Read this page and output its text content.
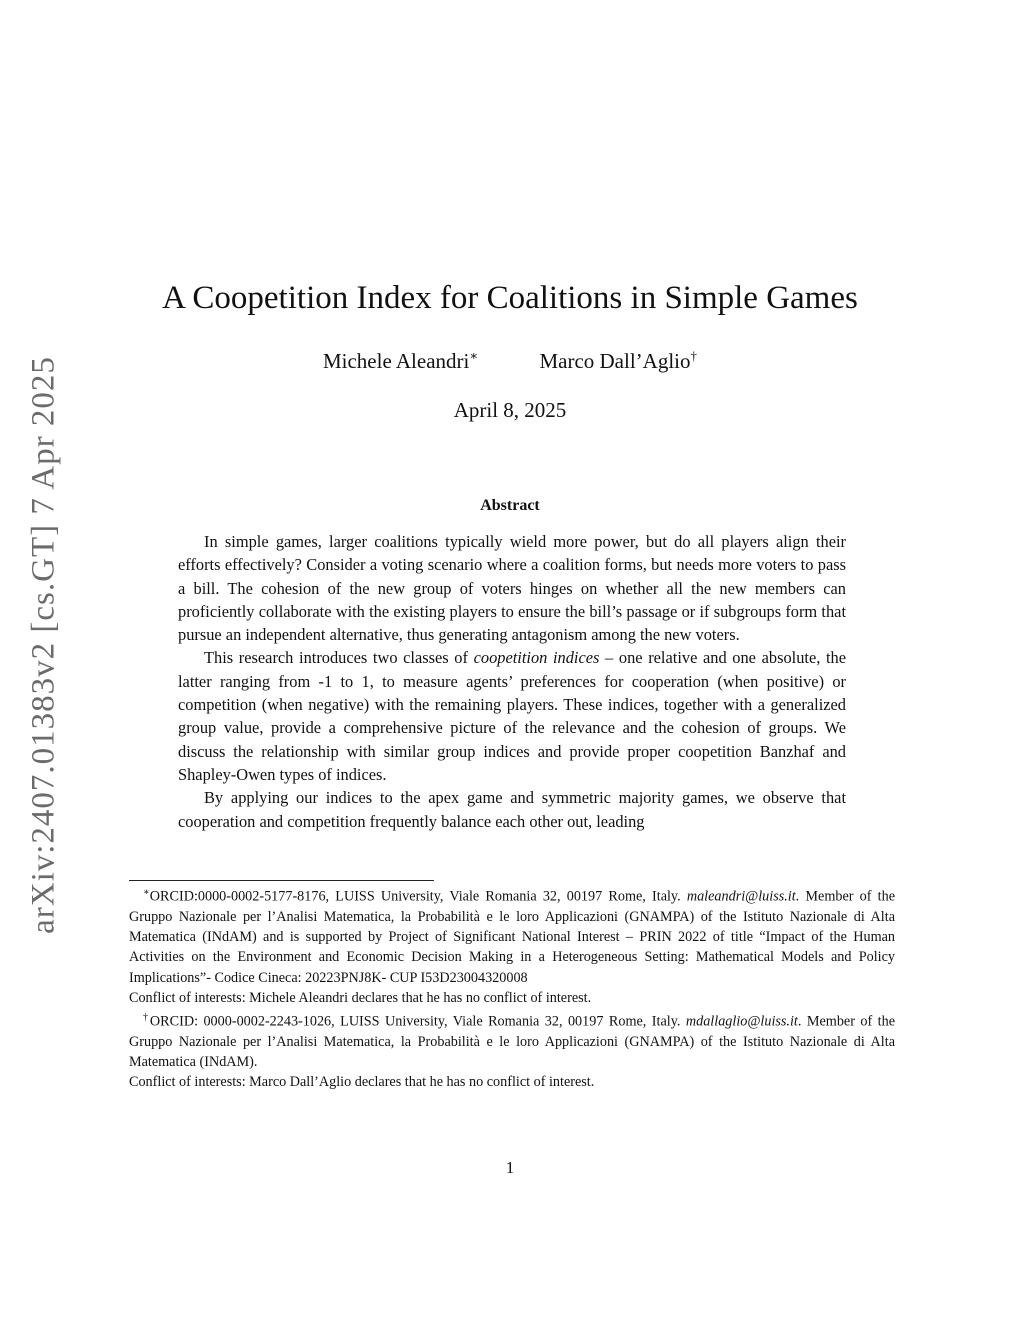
arXiv:2407.01383v2 [cs.GT] 7 Apr 2025
A Coopetition Index for Coalitions in Simple Games
Michele Aleandri∗	Marco Dall’Aglio†
April 8, 2025
Abstract

In simple games, larger coalitions typically wield more power, but do all players align their efforts effectively? Consider a voting scenario where a coalition forms, but needs more voters to pass a bill. The cohesion of the new group of voters hinges on whether all the new members can proficiently collaborate with the existing players to ensure the bill’s passage or if subgroups form that pursue an independent alternative, thus generating antagonism among the new voters.

This research introduces two classes of coopetition indices – one relative and one absolute, the latter ranging from -1 to 1, to measure agents’ preferences for cooperation (when positive) or competition (when negative) with the remaining players. These indices, together with a generalized group value, provide a comprehensive picture of the relevance and the cohesion of groups. We discuss the relationship with similar group indices and provide proper coopetition Banzhaf and Shapley-Owen types of indices.

By applying our indices to the apex game and symmetric majority games, we observe that cooperation and competition frequently balance each other out, leading

∗ORCID:0000-0002-5177-8176, LUISS University, Viale Romania 32, 00197 Rome, Italy. maleandri@luiss.it. Member of the Gruppo Nazionale per l’Analisi Matematica, la Probabilità e le loro Applicazioni (GNAMPA) of the Istituto Nazionale di Alta Matematica (INdAM) and is supported by Project of Significant National Interest – PRIN 2022 of title “Impact of the Human Activities on the Environment and Economic Decision Making in a Heterogeneous Setting: Mathematical Models and Policy Implications”- Codice Cineca: 20223PNJ8K- CUP I53D23004320008

Conflict of interests: Michele Aleandri declares that he has no conflict of interest.

†ORCID: 0000-0002-2243-1026, LUISS University, Viale Romania 32, 00197 Rome, Italy. mdallaglio@luiss.it. Member of the Gruppo Nazionale per l’Analisi Matematica, la Probabilità e le loro Applicazioni (GNAMPA) of the Istituto Nazionale di Alta Matematica (INdAM).

Conflict of interests: Marco Dall’Aglio declares that he has no conflict of interest.

1
